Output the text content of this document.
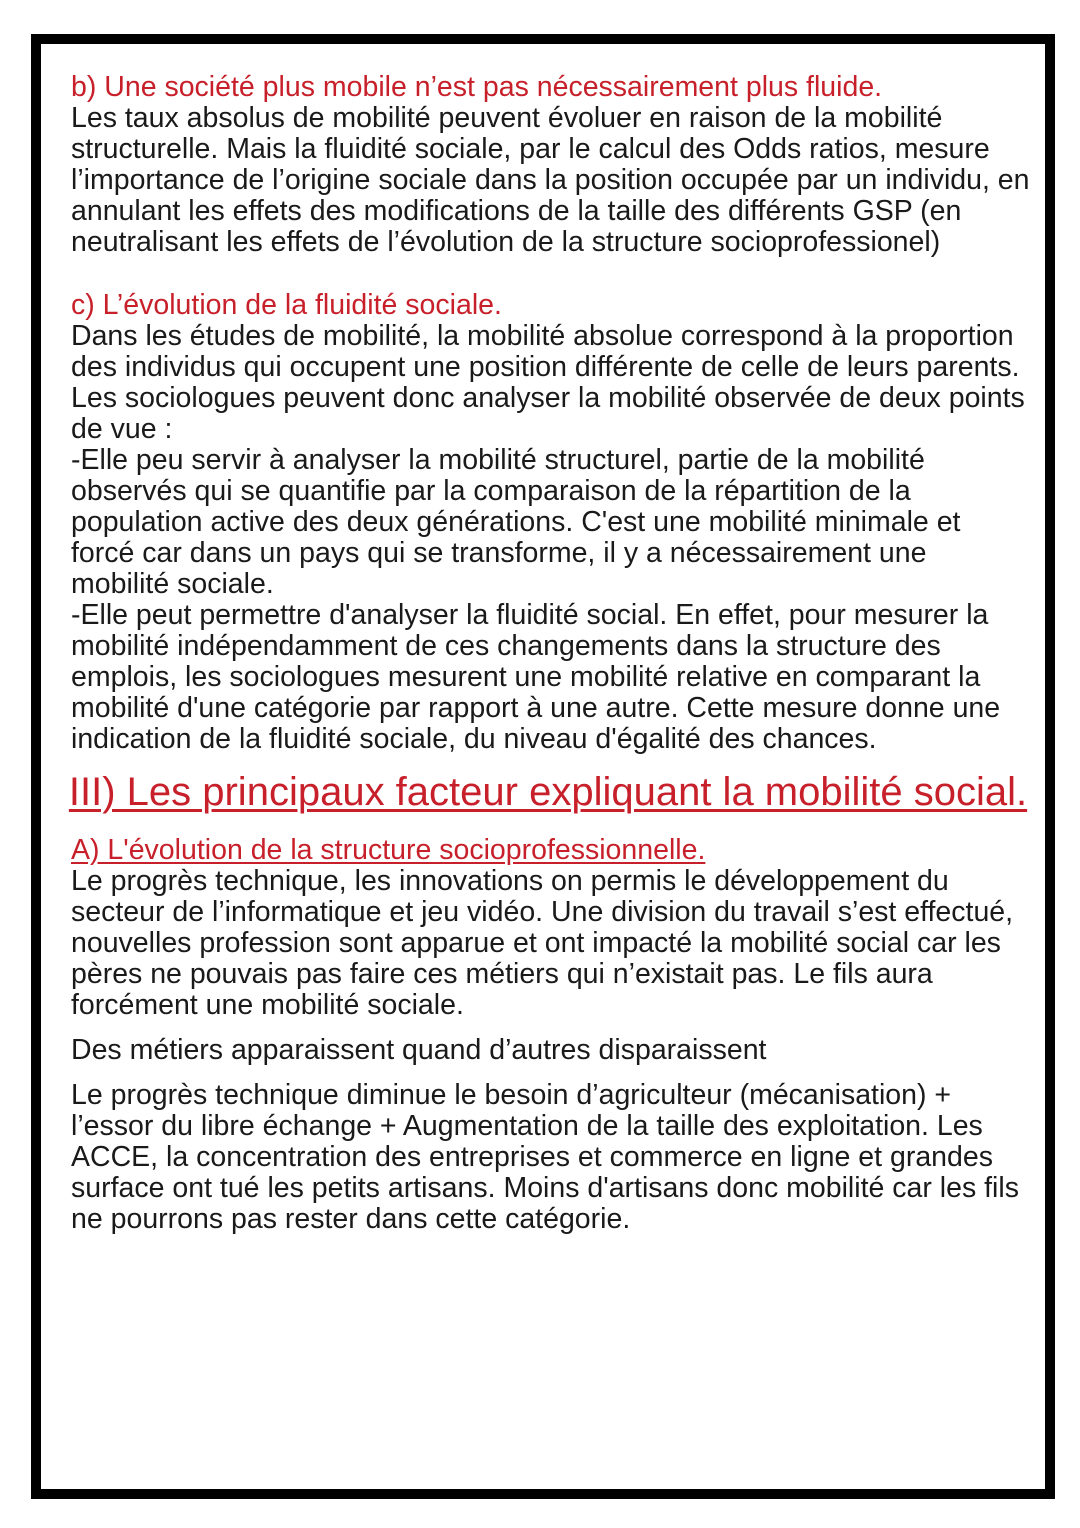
b) Une société plus mobile n’est pas nécessairement plus fluide.

Les taux absolus de mobilité peuvent évoluer en raison de la mobilité structurelle. Mais la fluidité sociale, par le calcul des Odds ratios, mesure l’importance de l’origine sociale dans la position occupée par un individu, en annulant les effets des modifications de la taille des différents GSP (en neutralisant les effets de l’évolution de la structure socioprofessionel)

c) L’évolution de la fluidité sociale.

Dans les études de mobilité, la mobilité absolue correspond à la proportion des individus qui occupent une position différente de celle de leurs parents. Les sociologues peuvent donc analyser la mobilité observée de deux points de vue :

-Elle peu servir à analyser la mobilité structurel, partie de la mobilité observés qui se quantifie par la comparaison de la répartition de la population active des deux générations. C'est une mobilité minimale et forcé car dans un pays qui se transforme, il y a nécessairement une mobilité sociale.

-Elle peut permettre d'analyser la fluidité social. En effet, pour mesurer la mobilité indépendamment de ces changements dans la structure des emplois, les sociologues mesurent une mobilité relative en comparant la mobilité d'une catégorie par rapport à une autre. Cette mesure donne une indication de la fluidité sociale, du niveau d'égalité des chances.

III) Les principaux facteur expliquant la mobilité social.

A) L'évolution de la structure socioprofessionnelle.

Le progrès technique, les innovations on permis le développement du secteur de l’informatique et jeu vidéo. Une division du travail s’est effectué, nouvelles profession sont apparue et ont impacté la mobilité social car les pères ne pouvais pas faire ces métiers qui n’existait pas. Le fils aura forcément une mobilité sociale.

Des métiers apparaissent quand d’autres disparaissent

Le progrès technique diminue le besoin d’agriculteur (mécanisation) + l’essor du libre échange + Augmentation de la taille des exploitation. Les ACCE, la concentration des entreprises et commerce en ligne et grandes surface ont tué les petits artisans. Moins d'artisans donc mobilité car les fils ne pourrons pas rester dans cette catégorie.
